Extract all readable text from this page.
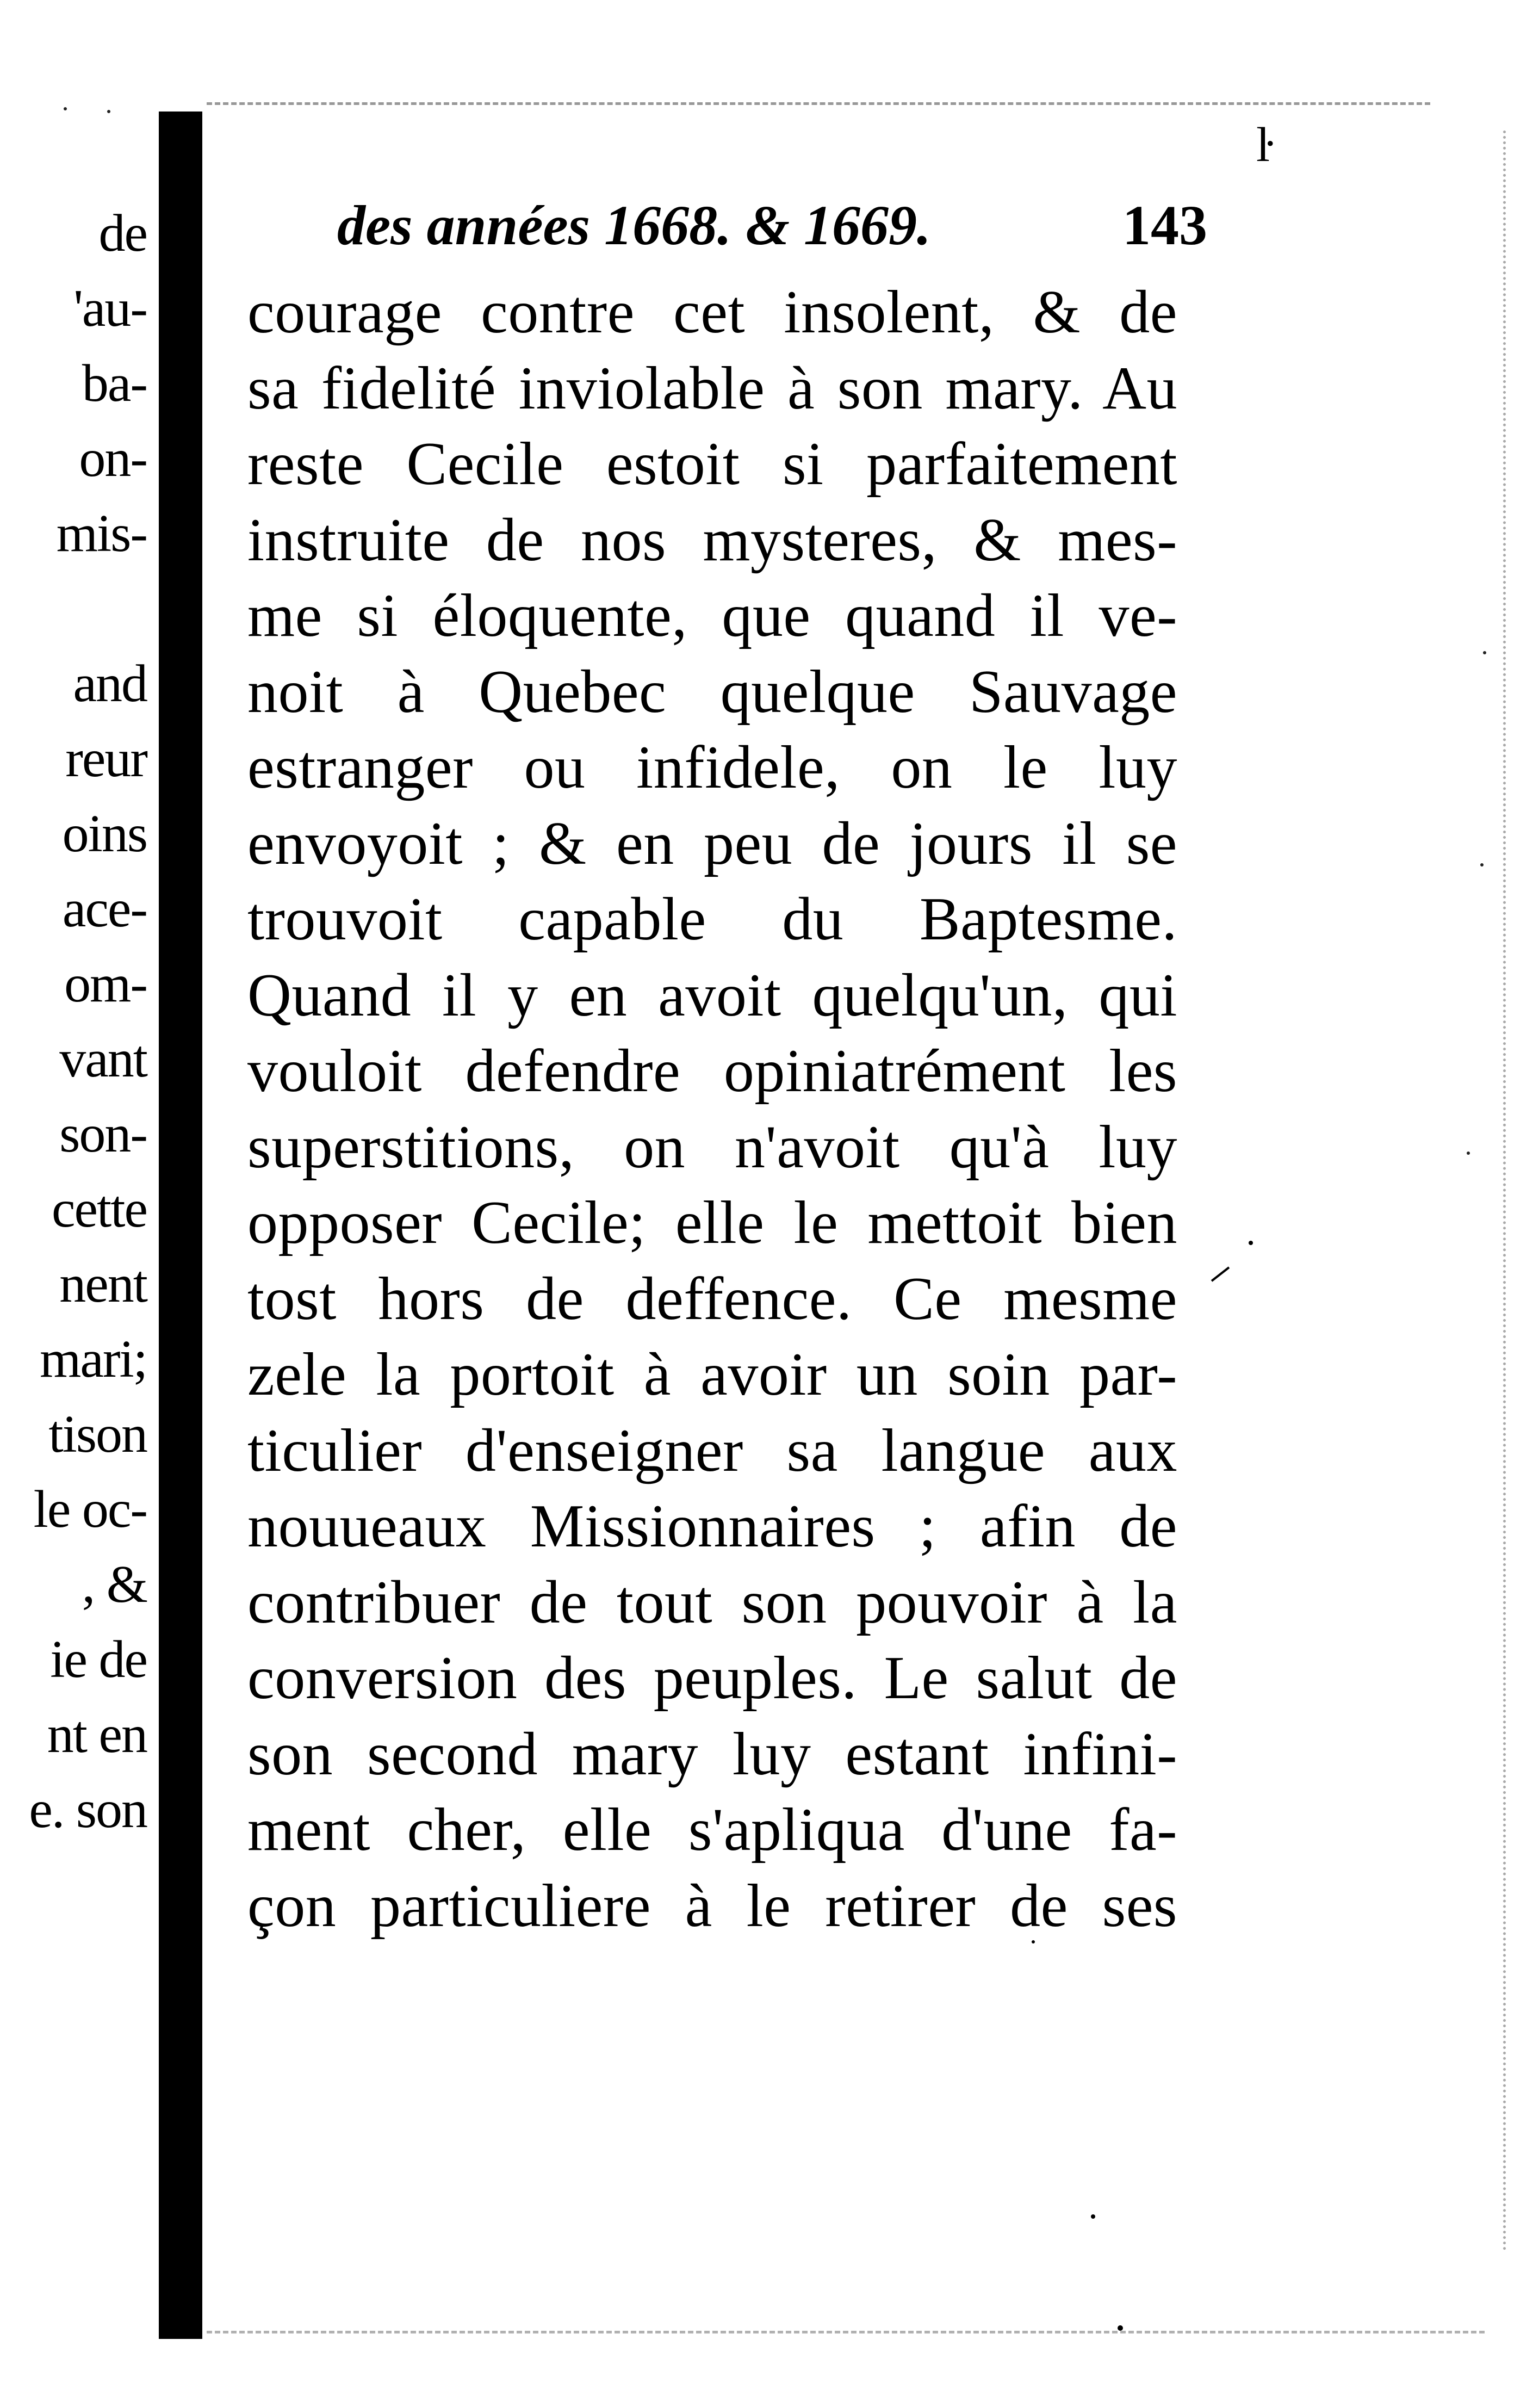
ŀ
de
'au-
ba-
on-
mis-
and
reur
oins
ace-
om-
vant
son-
cette
nent
mari;
tison
le oc-
, &
ie de
nt en
e. son
des années 1668. & 1669.	143
courage contre cet insolent, & de
sa fidelité inviolable à son mary. Au
reste Cecile estoit si parfaitement
instruite de nos mysteres, & mes-
me si éloquente, que quand il ve-
noit à Quebec quelque Sauvage
estranger ou infidele, on le luy
envoyoit ; & en peu de jours il se
trouvoit capable du Baptesme.
Quand il y en avoit quelqu'un, qui
vouloit defendre opiniatrément les
superstitions, on n'avoit qu'à luy
opposer Cecile; elle le mettoit bien
tost hors de deffence. Ce mesme
zele la portoit à avoir un soin par-
ticulier d'enseigner sa langue aux
nouueaux Missionnaires ; afin de
contribuer de tout son pouvoir à la
conversion des peuples. Le salut de
son second mary luy estant infini-
ment cher, elle s'apliqua d'une fa-
çon particuliere à le retirer de ses
